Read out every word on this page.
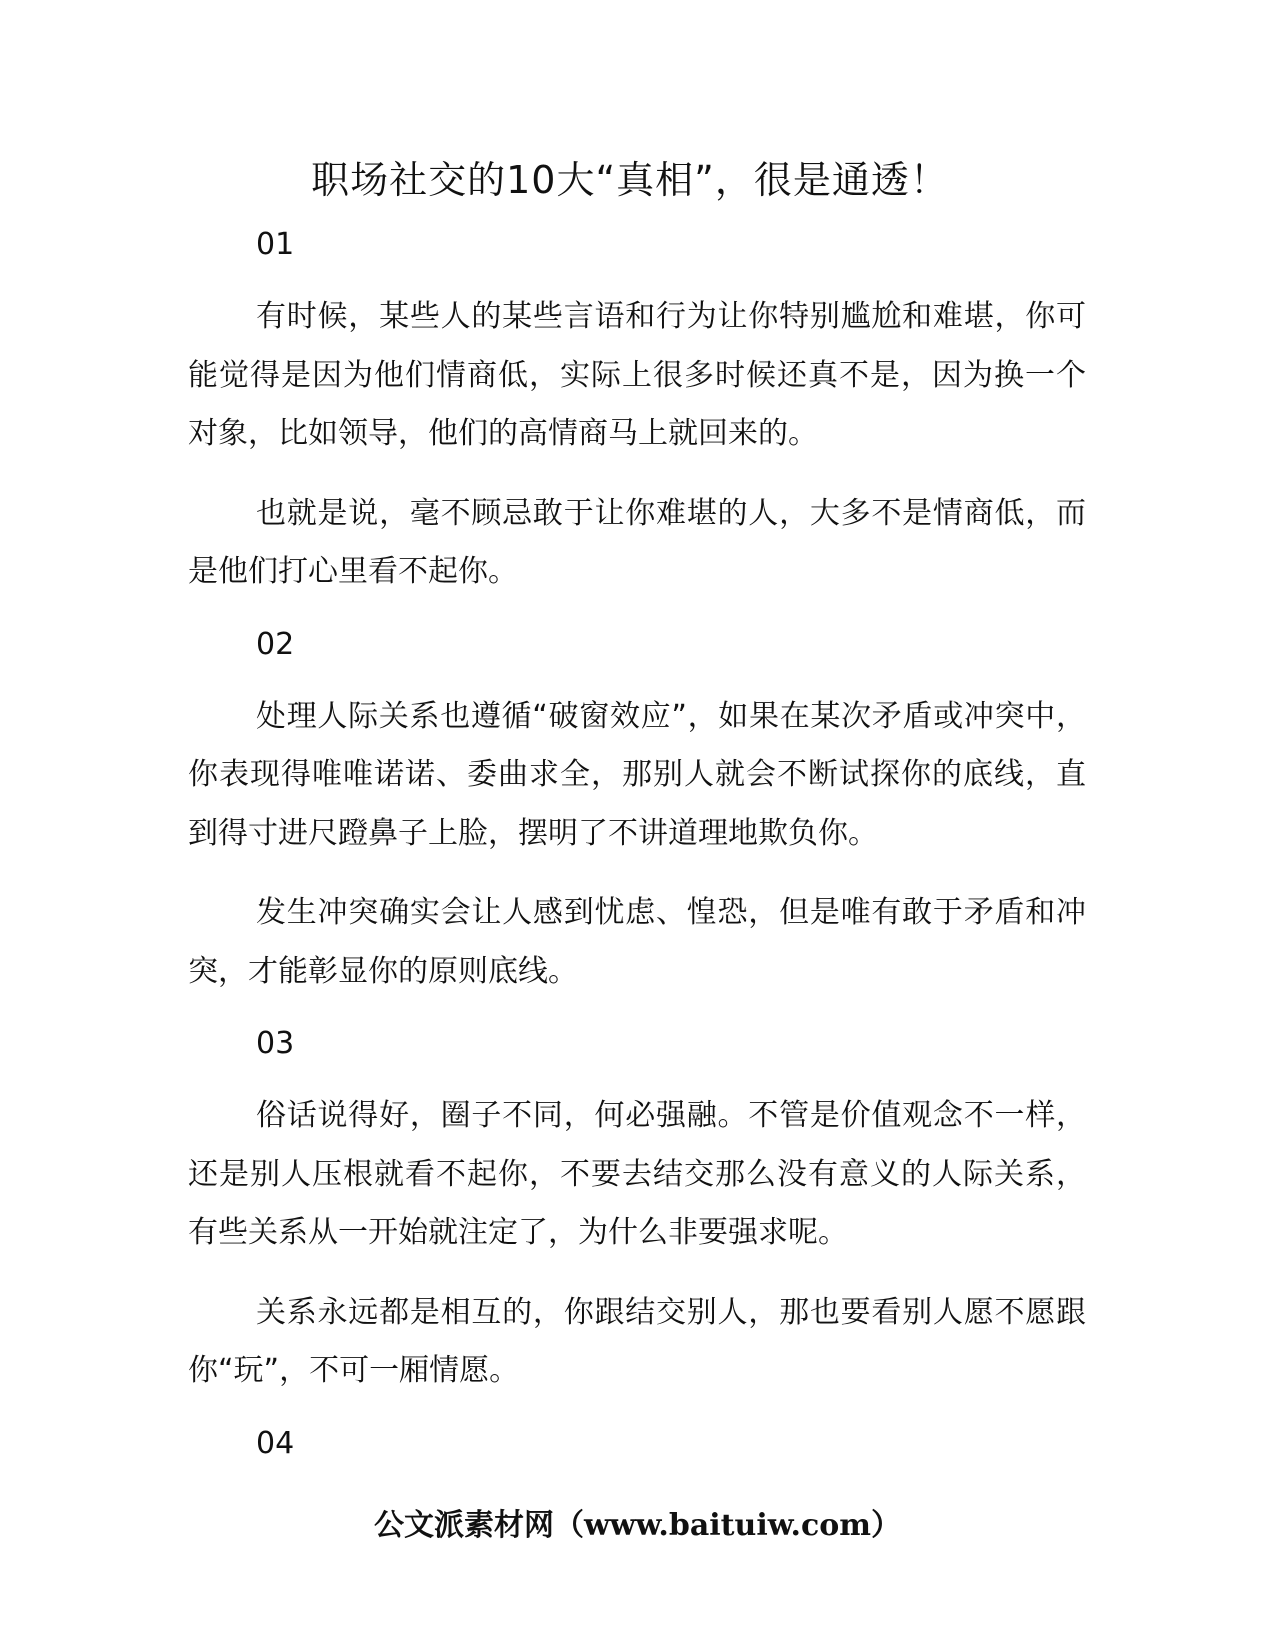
职场社交的10大“真相”，很是通透！
01

有时候，某些人的某些言语和行为让你特别尴尬和难堪，你可能觉得是因为他们情商低，实际上很多时候还真不是，因为换一个对象，比如领导，他们的高情商马上就回来的。

也就是说，毫不顾忌敢于让你难堪的人，大多不是情商低，而是他们打心里看不起你。

02

处理人际关系也遵循“破窗效应”，如果在某次矛盾或冲突中，你表现得唯唯诺诺、委曲求全，那别人就会不断试探你的底线，直到得寸进尺蹬鼻子上脸，摆明了不讲道理地欺负你。

发生冲突确实会让人感到忧虑、惶恐，但是唯有敢于矛盾和冲突，才能彰显你的原则底线。

03

俗话说得好，圈子不同，何必强融。不管是价值观念不一样，还是别人压根就看不起你，不要去结交那么没有意义的人际关系，有些关系从一开始就注定了，为什么非要强求呢。

关系永远都是相互的，你跟结交别人，那也要看别人愿不愿跟你“玩”，不可一厢情愿。

04
公文派素材网（www.baituiw.com）
